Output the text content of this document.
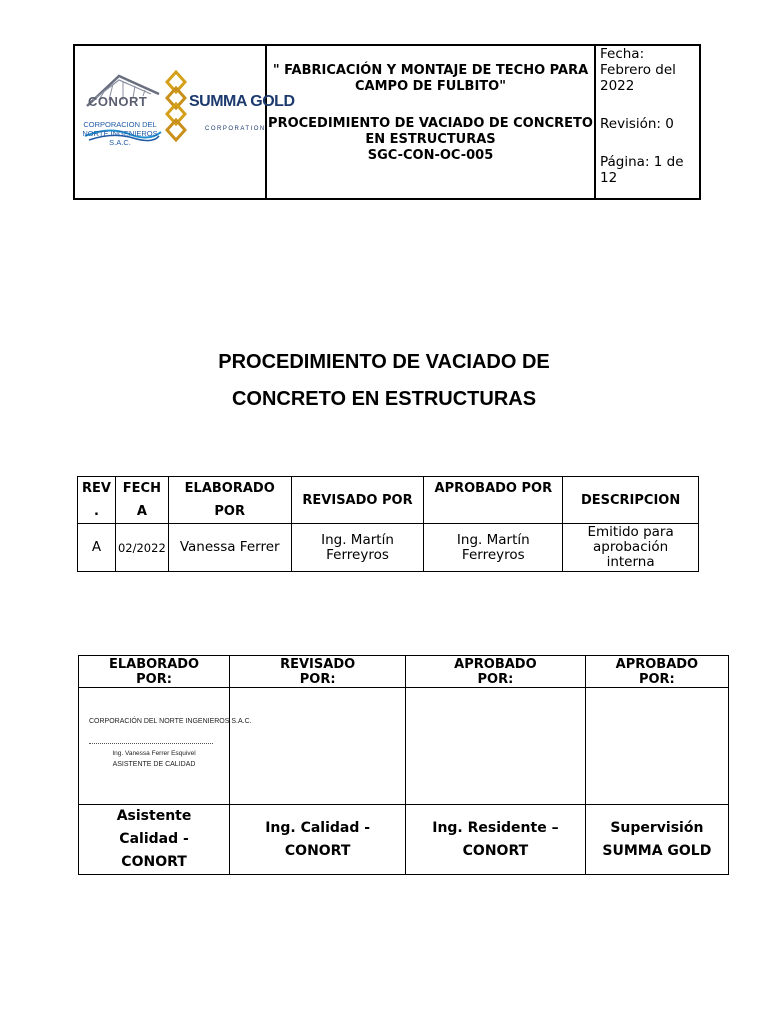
CONORT
CORPORACION DEL NORTE INGENIEROS S.A.C.
SUMMA GOLD
CORPORATION

" FABRICACIÓN Y MONTAJE DE TECHO PARA CAMPO DE FULBITO"

PROCEDIMIENTO DE VACIADO DE CONCRETO EN ESTRUCTURAS

SGC-CON-OC-005

Fecha: Febrero del 2022

Revisión: 0

Página: 1 de 12

PROCEDIMIENTO DE VACIADO DE
CONCRETO EN ESTRUCTURAS
REV .	FECH A	ELABORADO POR	REVISADO POR	APROBADO POR	DESCRIPCION
A	02/2022	Vanessa Ferrer	Ing. Martín Ferreyros	Ing. Martín Ferreyros	Emitido para aprobación interna
ELABORADO POR:	REVISADO POR:	APROBADO POR:	APROBADO POR:

CORPORACIÓN DEL NORTE INGENIEROS S.A.C.
Ing. Vanessa Ferrer Esquivel
ASISTENTE DE CALIDAD			

Asistente Calidad - CONORT	Ing. Calidad - CONORT	Ing. Residente – CONORT	Supervisión SUMMA GOLD
